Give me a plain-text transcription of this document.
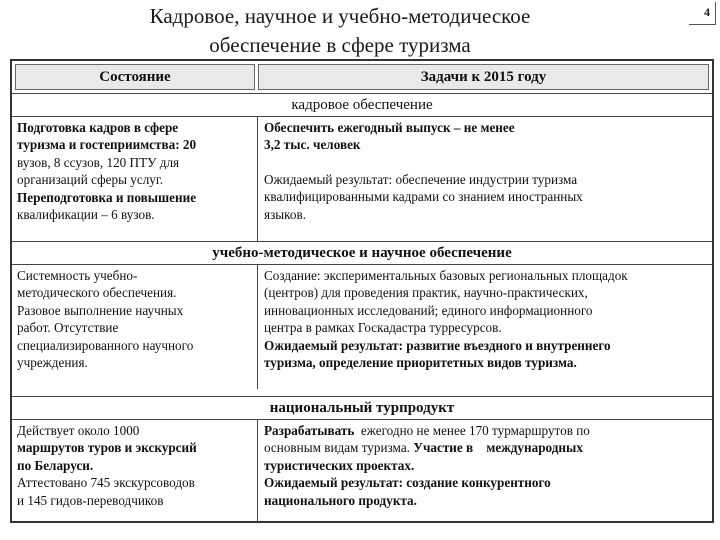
Кадровое, научное и учебно-методическое
обеспечение в сфере туризма
4
Состояние	Задачи к 2015 году
кадровое обеспечение
Подготовка кадров в сфере
туризма и гостеприимства: 20
вузов, 8 ссузов, 120 ПТУ для
организаций сферы услуг.
Переподготовка и повышение
квалификации – 6 вузов.
Обеспечить ежегодный выпуск – не менее
3,2 тыс. человек
Ожидаемый результат: обеспечение индустрии туризма
квалифицированными кадрами со знанием иностранных
языков.
учебно-методическое и научное обеспечение
Системность учебно-
методического обеспечения.
Разовое выполнение научных
работ. Отсутствие
специализированного научного
учреждения.
Создание: экспериментальных базовых региональных площадок
(центров) для проведения практик, научно-практических,
инновационных исследований; единого информационного
центра в рамках Госкадастра турресурсов.
Ожидаемый результат: развитие въездного и внутреннего
туризма, определение приоритетных видов туризма.
национальный турпродукт
Действует около 1000
маршрутов туров и экскурсий
по Беларуси.
Аттестовано 745 экскурсоводов
и 145 гидов-переводчиков
Разрабатывать  ежегодно не менее 170 турмаршрутов по
основным видам туризма. Участие в    международных
туристических проектах.
Ожидаемый результат: создание конкурентного
национального продукта.
